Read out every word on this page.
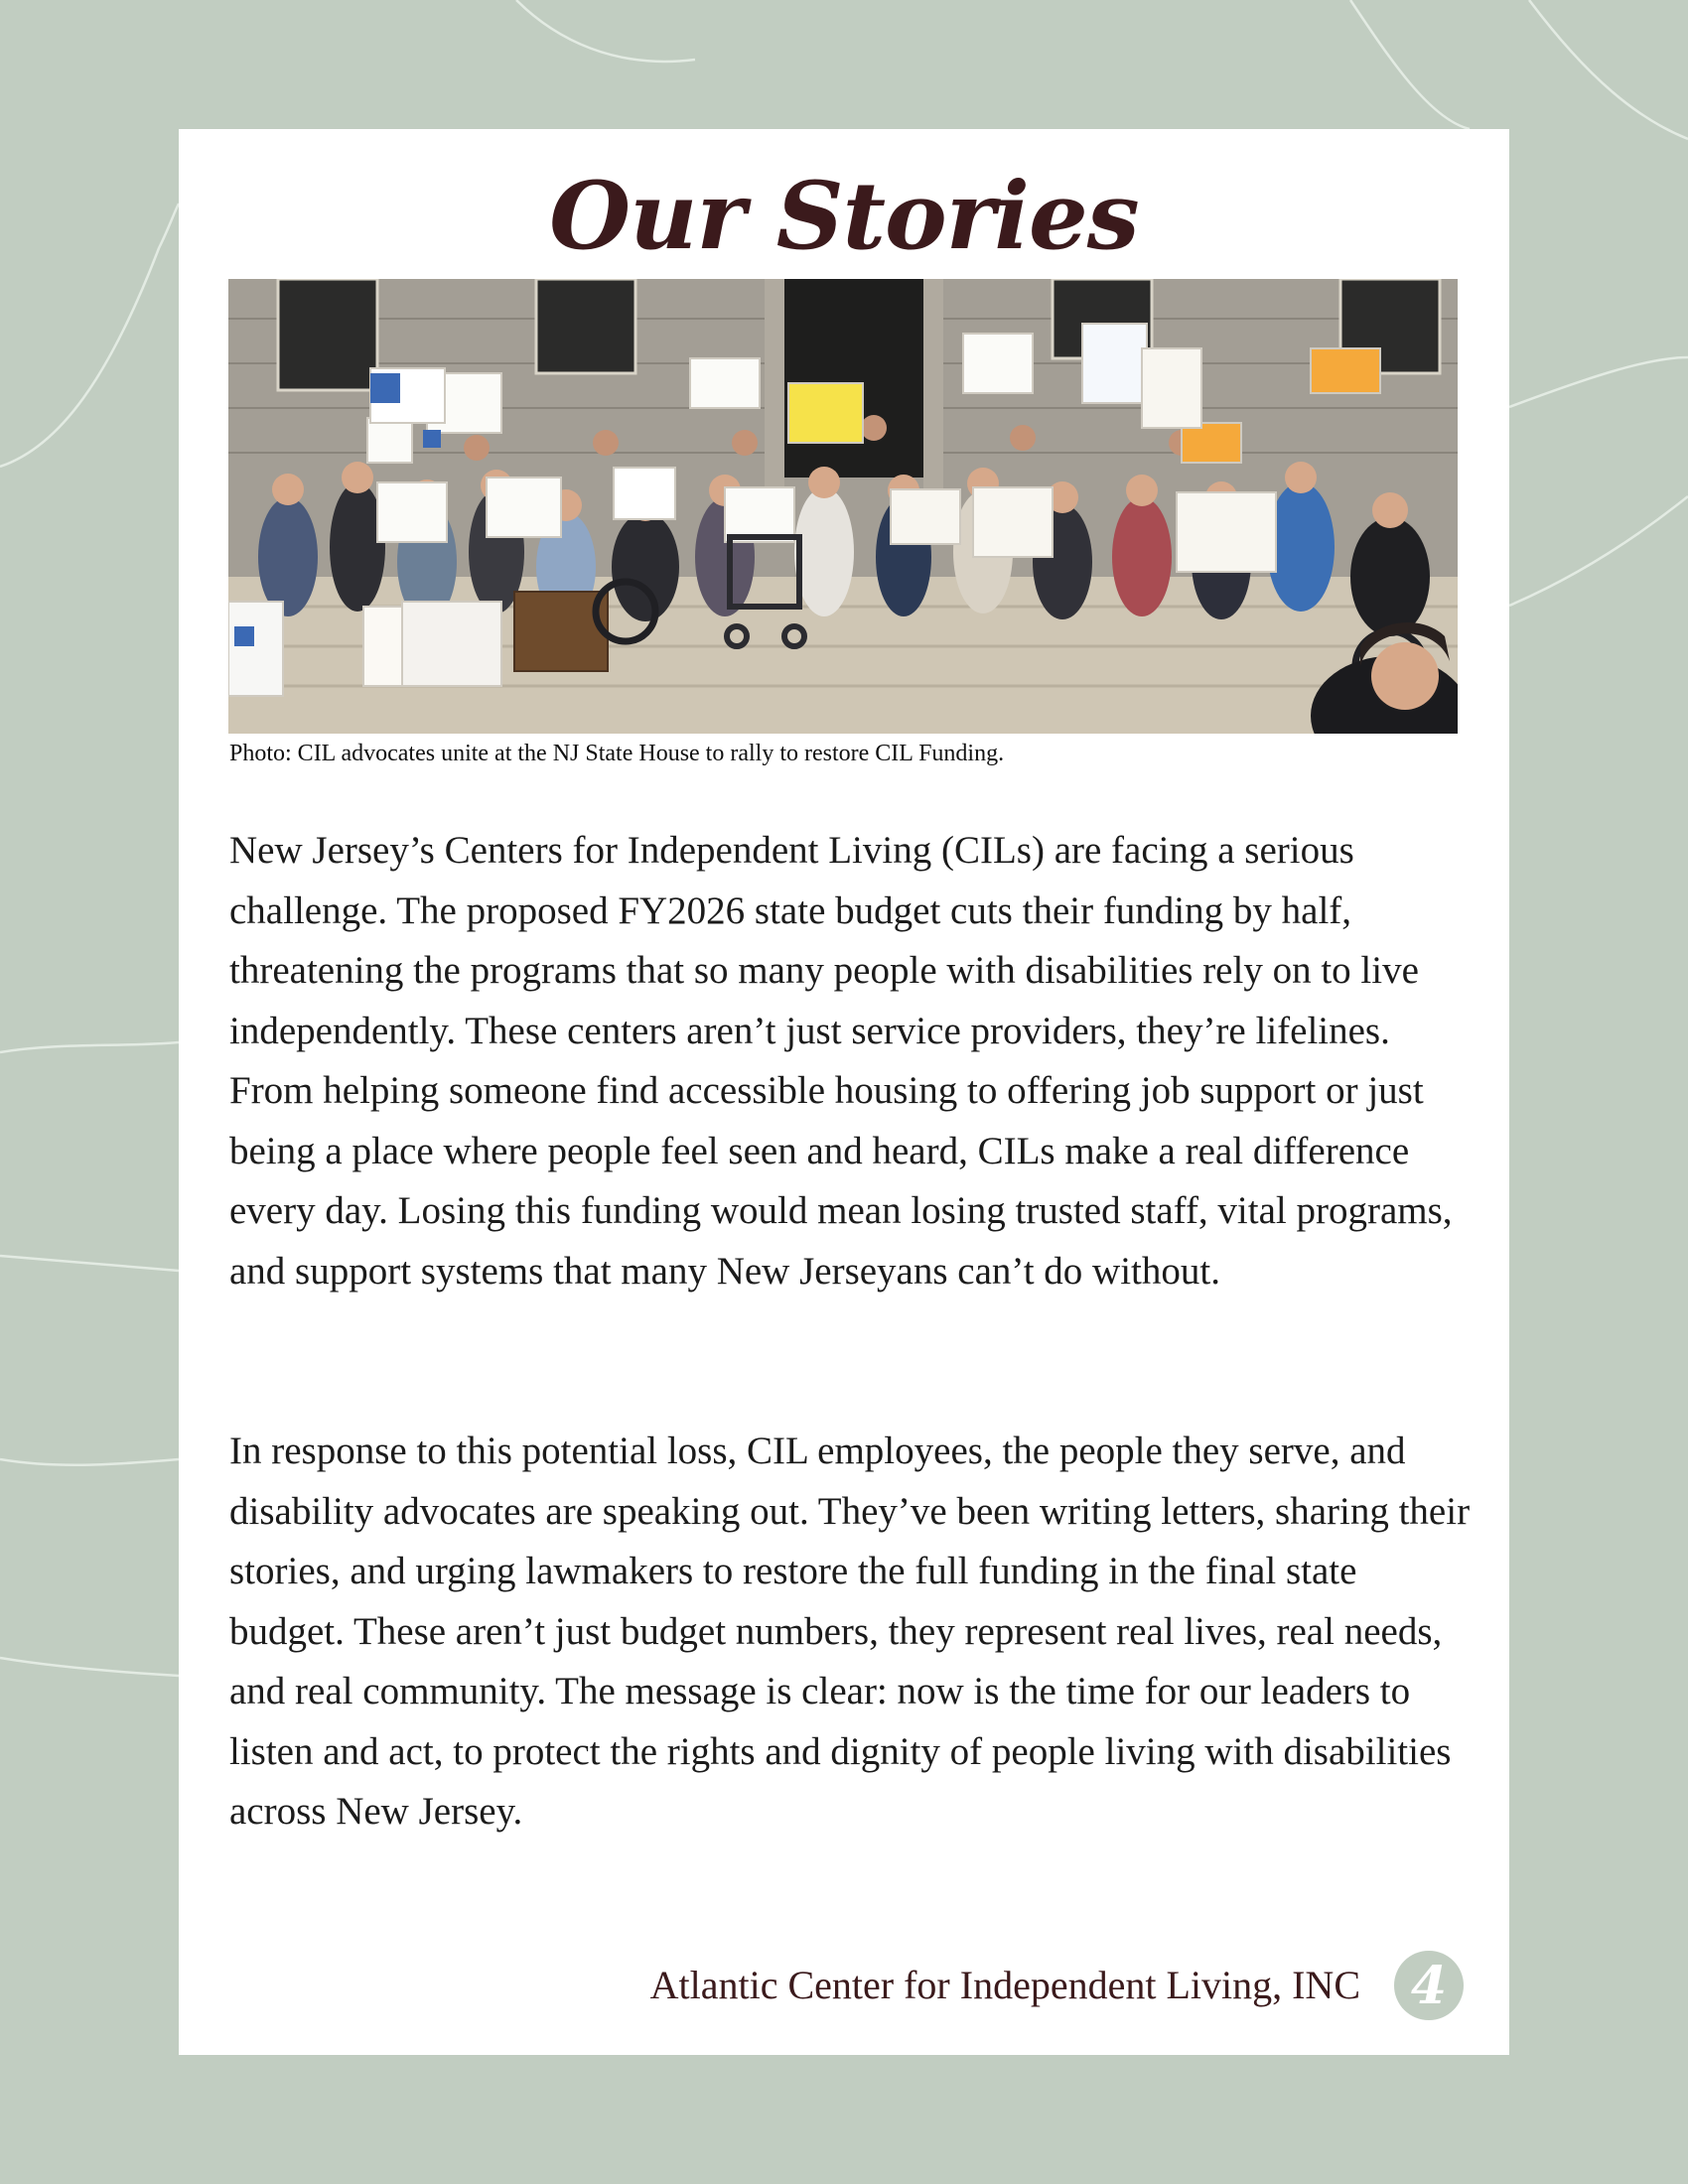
Our Stories
Photo: CIL advocates unite at the NJ State House to rally to restore CIL Funding.

New Jersey’s Centers for Independent Living (CILs) are facing a serious challenge. The proposed FY2026 state budget cuts their funding by half, threatening the programs that so many people with disabilities rely on to live independently. These centers aren’t just service providers, they’re lifelines. From helping someone find accessible housing to offering job support or just being a place where people feel seen and heard, CILs make a real difference every day. Losing this funding would mean losing trusted staff, vital programs, and support systems that many New Jerseyans can’t do without.

In response to this potential loss, CIL employees, the people they serve, and disability advocates are speaking out. They’ve been writing letters, sharing their stories, and urging lawmakers to restore the full funding in the final state budget. These aren’t just budget numbers, they represent real lives, real needs, and real community. The message is clear: now is the time for our leaders to listen and act, to protect the rights and dignity of people living with disabilities across New Jersey.

Atlantic Center for Independent Living, INC 4
